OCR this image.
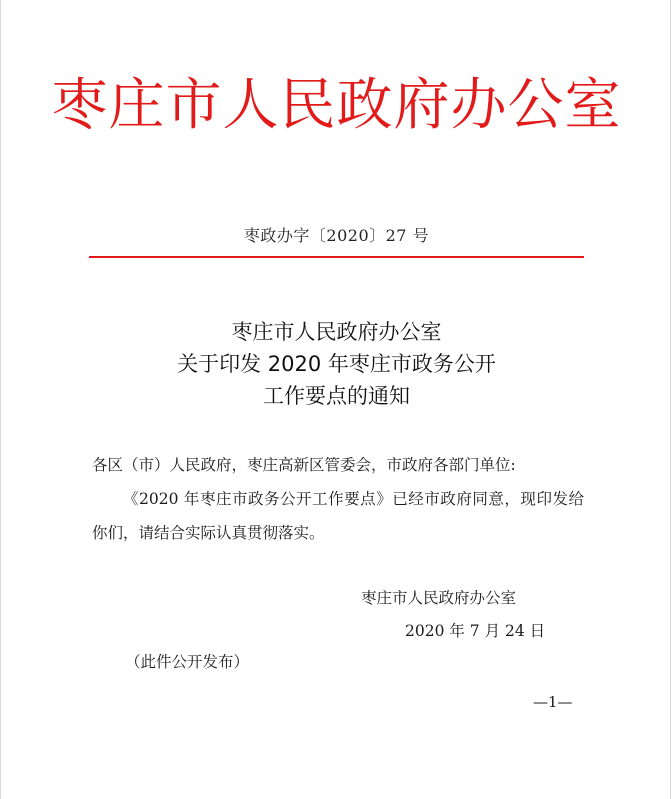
枣庄市人民政府办公室
枣政办字〔2020〕27 号
枣庄市人民政府办公室
关于印发 2020 年枣庄市政务公开
工作要点的通知
各区（市）人民政府，枣庄高新区管委会，市政府各部门单位:
《2020 年枣庄市政务公开工作要点》已经市政府同意，现印发给你们，请结合实际认真贯彻落实。
枣庄市人民政府办公室
2020 年 7 月 24 日
（此件公开发布）
—1—
